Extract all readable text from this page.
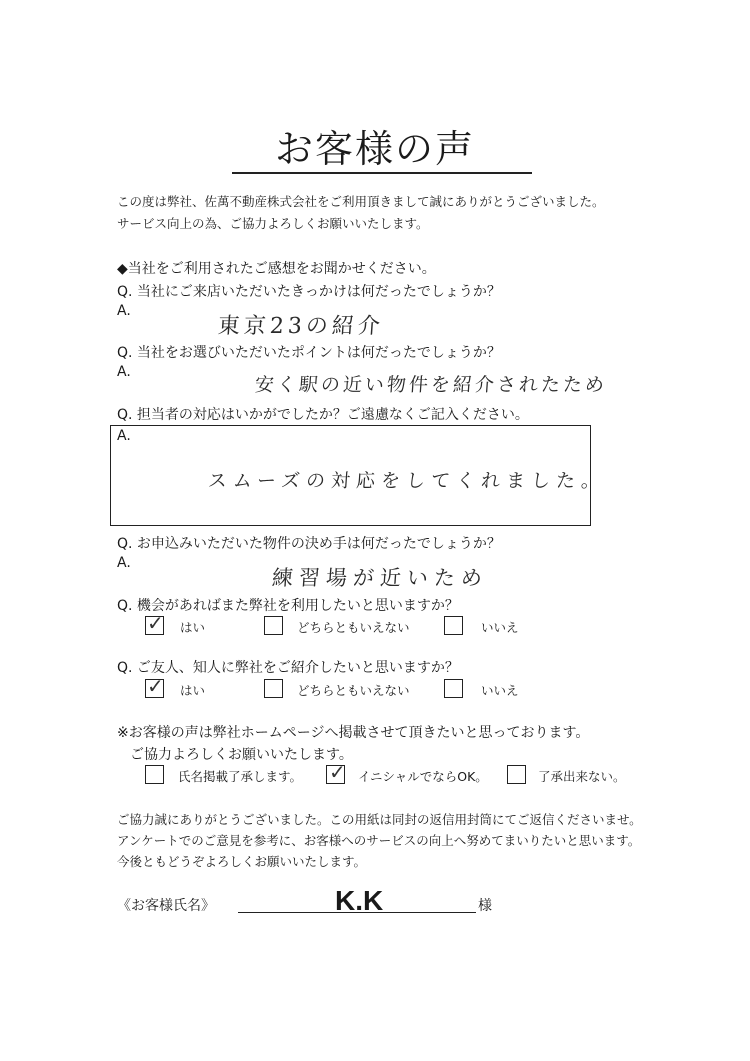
お客様の声
この度は弊社、佐萬不動産株式会社をご利用頂きまして誠にありがとうございました。
サービス向上の為、ご協力よろしくお願いいたします。
◆当社をご利用されたご感想をお聞かせください。
Q. 当社にご来店いただいたきっかけは何だったでしょうか？
A.
東京23の紹介
Q. 当社をお選びいただいたポイントは何だったでしょうか？
A.
安く駅の近い物件を紹介されたため
Q. 担当者の対応はいかがでしたか？ご遠慮なくご記入ください。
A.
スムーズの対応をしてくれました。
Q. お申込みいただいた物件の決め手は何だったでしょうか？
A.
練習場が近いため
Q. 機会があればまた弊社を利用したいと思いますか？
✓ はい	どちらともいえない	いいえ
Q. ご友人、知人に弊社をご紹介したいと思いますか？
✓ はい	どちらともいえない	いいえ
※お客様の声は弊社ホームページへ掲載させて頂きたいと思っております。
ご協力よろしくお願いいたします。
氏名掲載了承します。 ✓ イニシャルでならOK。	了承出来ない。
ご協力誠にありがとうございました。この用紙は同封の返信用封筒にてご返信くださいませ。
アンケートでのご意見を参考に、お客様へのサービスの向上へ努めてまいりたいと思います。
今後ともどうぞよろしくお願いいたします。
《お客様氏名》	K.K	様
